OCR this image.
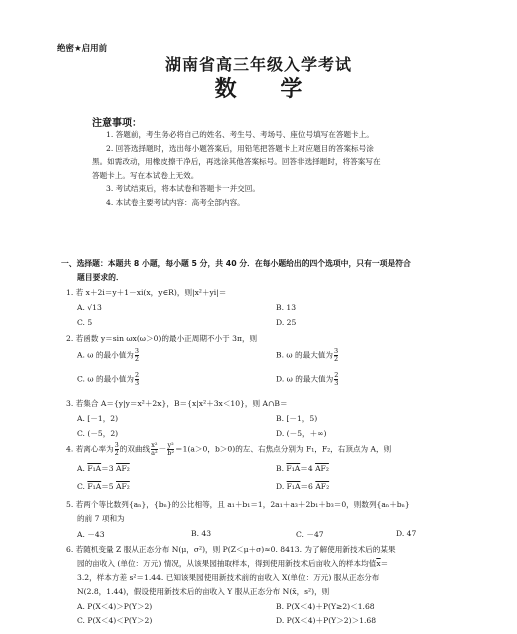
绝密★启用前
湖南省高三年级入学考试
数 学
注意事项：
1. 答题前，考生务必将自己的姓名、考生号、考场号、座位号填写在答题卡上。
2. 回答选择题时，选出每小题答案后，用铅笔把答题卡上对应题目的答案标号涂
黑。如需改动，用橡皮擦干净后，再选涂其他答案标号。回答非选择题时，将答案写在
答题卡上。写在本试卷上无效。
3. 考试结束后，将本试卷和答题卡一并交回。
4. 本试卷主要考试内容：高考全部内容。
一、选择题：本题共 8 小题，每小题 5 分，共 40 分．在每小题给出的四个选项中，只有一项是符合
题目要求的．
1. 若 x＋2i＝y＋1－xi(x，y∈R)，则|x²＋yi|＝
A. √13	B. 13
C. 5	D. 25
2. 若函数 y＝sin ωx(ω＞0)的最小正周期不小于 3π，则
A. ω 的最小值为 $\frac{3}{2}$	B. ω 的最大值为 $\frac{3}{2}$
C. ω 的最小值为 $\frac{2}{3}$	D. ω 的最大值为 $\frac{2}{3}$
3. 若集合 A＝{y|y＝x²＋2x}，B＝{x|x²＋3x＜10}，则 A∩B＝
A. [－1，2)	B. [－1，5)
C. (－5，2)	D. (－5，＋∞)
4. 若离心率为 $\frac{3}{2}$ 的双曲线 $\frac{\text{x²}}{\text{a²}} - \frac{\text{y²}}{\text{b²}} =1(a>0$，b＞0)的左、右焦点分别为 F₁，F₂，右顶点为 A，则
A. F₁A＝3 AF₂	B. F₁A＝4 AF₂
C. F₁A＝5 AF₂	D. F₁A＝6 AF₂
5. 若两个等比数列{aₙ}，{bₙ}的公比相等，且 a₁＋b₁＝1，2a₁＋a₃＋2b₁＋b₃＝0，则数列{aₙ＋bₙ}
的前 7 项和为
A. －43	B. 43	C. －47	D. 47
6. 若随机变量 Z 服从正态分布 N(μ，σ²)，则 P(Z＜μ＋σ)≈0. 8413. 为了解使用新技术后的某果
园的亩收入 (单位：万元) 情况，从该果园抽取样本，得到使用新技术后亩收入的样本均值$\overline{x}=$
3.2，样本方差 s²＝1.44. 已知该果园使用新技术前的亩收入 X(单位：万元) 服从正态分布
N(2.8，1.44)，假设使用新技术后的亩收入 Y 服从正态分布 N(x̄，s²)，则
A. P(X＜4)＞P(Y＞2)	B. P(X＜4)＋P(Y≥2)＜1.68
C. P(X＜4)＜P(Y＞2)	D. P(X＜4)＋P(Y＞2)＞1.68
